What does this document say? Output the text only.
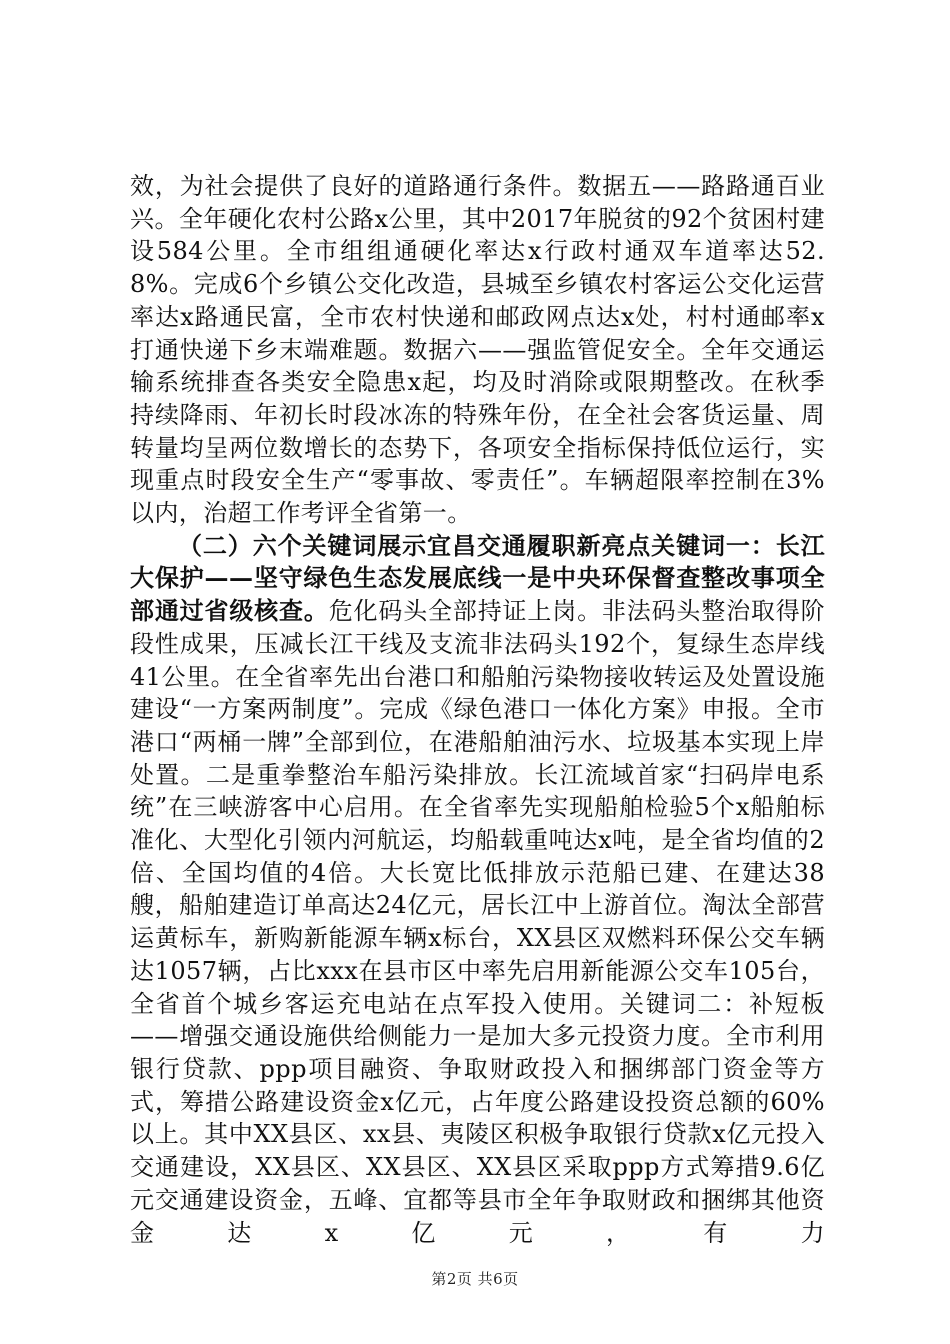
效，为社会提供了良好的道路通行条件。数据五——路路通百业兴。全年硬化农村公路x公里，其中2017年脱贫的92个贫困村建设584公里。全市组组通硬化率达x行政村通双车道率达52.8%。完成6个乡镇公交化改造，县城至乡镇农村客运公交化运营率达x路通民富，全市农村快递和邮政网点达x处，村村通邮率x打通快递下乡末端难题。数据六——强监管促安全。全年交通运输系统排查各类安全隐患x起，均及时消除或限期整改。在秋季持续降雨、年初长时段冰冻的特殊年份，在全社会客货运量、周转量均呈两位数增长的态势下，各项安全指标保持低位运行，实现重点时段安全生产“零事故、零责任”。车辆超限率控制在3%以内，治超工作考评全省第一。

（二）六个关键词展示宜昌交通履职新亮点关键词一：长江大保护——坚守绿色生态发展底线一是中央环保督查整改事项全部通过省级核查。危化码头全部持证上岗。非法码头整治取得阶段性成果，压减长江干线及支流非法码头192个，复绿生态岸线41公里。在全省率先出台港口和船舶污染物接收转运及处置设施建设“一方案两制度”。完成《绿色港口一体化方案》申报。全市港口“两桶一牌”全部到位，在港船舶油污水、垃圾基本实现上岸处置。二是重拳整治车船污染排放。长江流域首家“扫码岸电系统”在三峡游客中心启用。在全省率先实现船舶检验5个x船舶标准化、大型化引领内河航运，均船载重吨达x吨，是全省均值的2倍、全国均值的4倍。大长宽比低排放示范船已建、在建达38艘，船舶建造订单高达24亿元，居长江中上游首位。淘汰全部营运黄标车，新购新能源车辆x标台，XX县区双燃料环保公交车辆达1057辆，占比xxx在县市区中率先启用新能源公交车105台，全省首个城乡客运充电站在点军投入使用。关键词二：补短板——增强交通设施供给侧能力一是加大多元投资力度。全市利用银行贷款、ppp项目融资、争取财政投入和捆绑部门资金等方式，筹措公路建设资金x亿元，占年度公路建设投资总额的60%以上。其中XX县区、xx县、夷陵区积极争取银行贷款x亿元投入交通建设，XX县区、XX县区、XX县区采取ppp方式筹措9.6亿元交通建设资金，五峰、宜都等县市全年争取财政和捆绑其他资金达x亿元，有力

第2页 共6页
